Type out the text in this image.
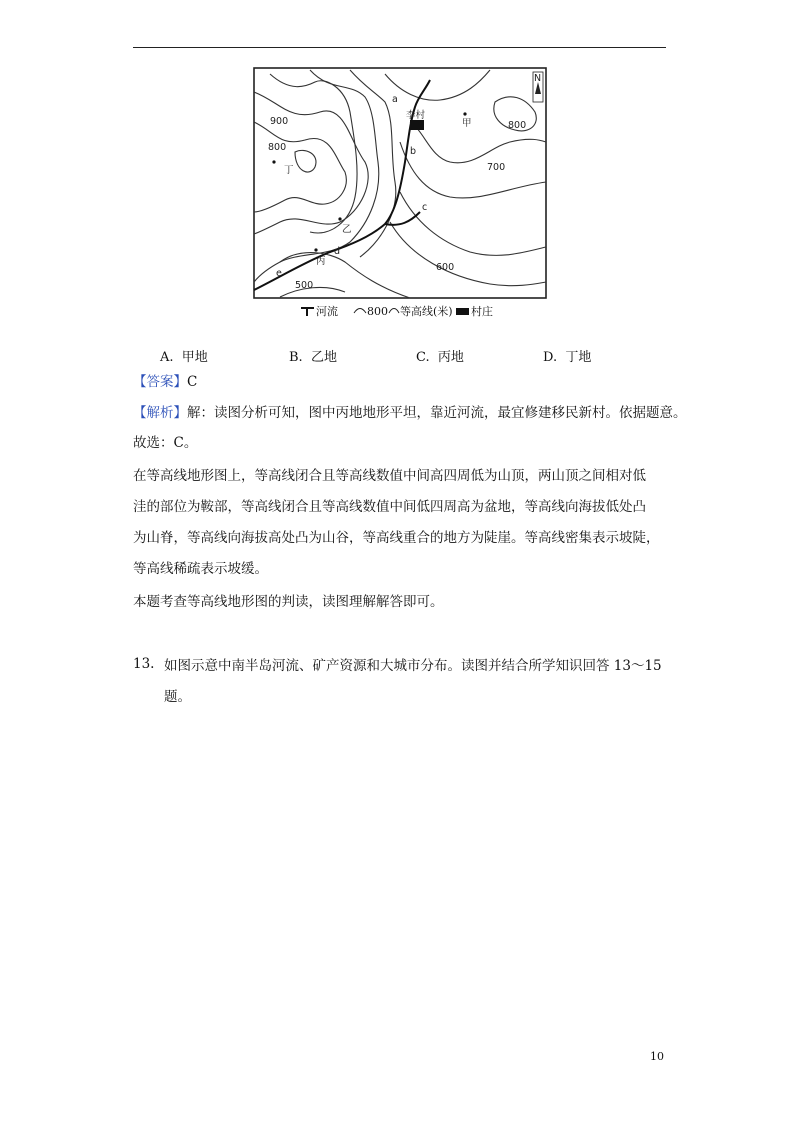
N
900
800
800
700
600
500
甲
乙
丙
丁
李村
a
b
c
d
e
河流	800 等高线(米) 村庄
A. 甲地	B. 乙地	C. 丙地	D. 丁地
【答案】C
【解析】解：读图分析可知，图中丙地地形平坦，靠近河流，最宜修建移民新村。依据题意。
故选：C。
在等高线地形图上，等高线闭合且等高线数值中间高四周低为山顶，两山顶之间相对低
洼的部位为鞍部，等高线闭合且等高线数值中间低四周高为盆地，等高线向海拔低处凸
为山脊，等高线向海拔高处凸为山谷，等高线重合的地方为陡崖。等高线密集表示坡陡，
等高线稀疏表示坡缓。
本题考查等高线地形图的判读，读图理解解答即可。
13. 如图示意中南半岛河流、矿产资源和大城市分布。读图并结合所学知识回答 13～15
题。
10
